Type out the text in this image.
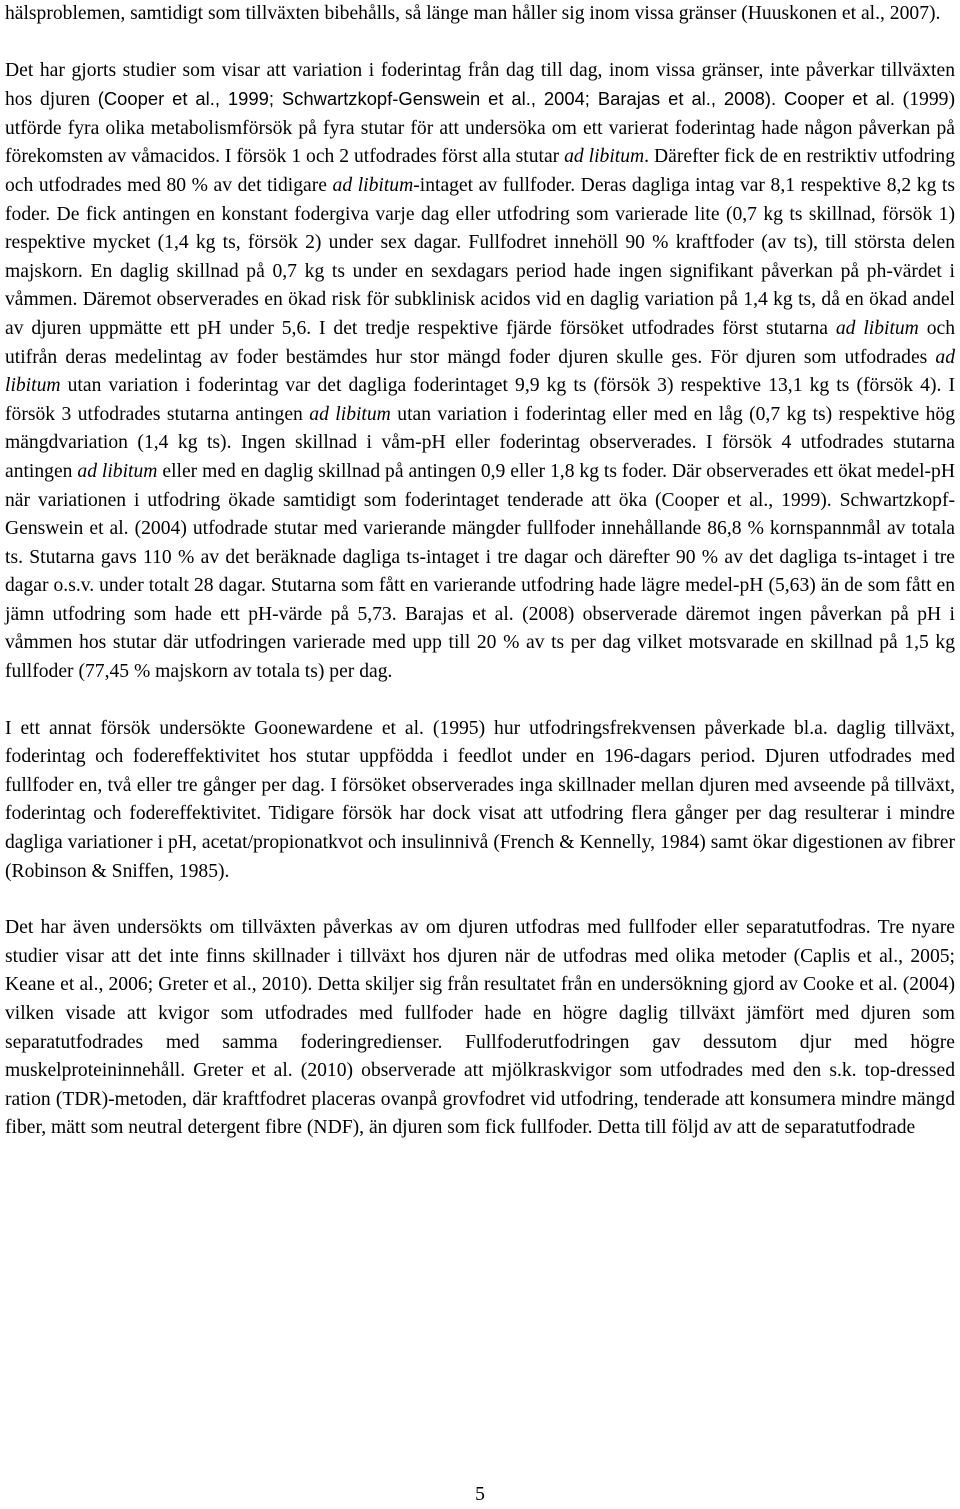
hälsproblemen, samtidigt som tillväxten bibehålls, så länge man håller sig inom vissa gränser (Huuskonen et al., 2007).

Det har gjorts studier som visar att variation i foderintag från dag till dag, inom vissa gränser, inte påverkar tillväxten hos djuren (Cooper et al., 1999; Schwartzkopf-Genswein et al., 2004; Barajas et al., 2008). Cooper et al. (1999) utförde fyra olika metabolismförsök på fyra stutar för att undersöka om ett varierat foderintag hade någon påverkan på förekomsten av våmacidos. I försök 1 och 2 utfodrades först alla stutar ad libitum. Därefter fick de en restriktiv utfodring och utfodrades med 80 % av det tidigare ad libitum-intaget av fullfoder. Deras dagliga intag var 8,1 respektive 8,2 kg ts foder. De fick antingen en konstant fodergiva varje dag eller utfodring som varierade lite (0,7 kg ts skillnad, försök 1) respektive mycket (1,4 kg ts, försök 2) under sex dagar. Fullfodret innehöll 90 % kraftfoder (av ts), till största delen majskorn. En daglig skillnad på 0,7 kg ts under en sexdagars period hade ingen signifikant påverkan på ph-värdet i våmmen. Däremot observerades en ökad risk för subklinisk acidos vid en daglig variation på 1,4 kg ts, då en ökad andel av djuren uppmätte ett pH under 5,6. I det tredje respektive fjärde försöket utfodrades först stutarna ad libitum och utifrån deras medelintag av foder bestämdes hur stor mängd foder djuren skulle ges. För djuren som utfodrades ad libitum utan variation i foderintag var det dagliga foderintaget 9,9 kg ts (försök 3) respektive 13,1 kg ts (försök 4). I försök 3 utfodrades stutarna antingen ad libitum utan variation i foderintag eller med en låg (0,7 kg ts) respektive hög mängdvariation (1,4 kg ts). Ingen skillnad i våm-pH eller foderintag observerades. I försök 4 utfodrades stutarna antingen ad libitum eller med en daglig skillnad på antingen 0,9 eller 1,8 kg ts foder. Där observerades ett ökat medel-pH när variationen i utfodring ökade samtidigt som foderintaget tenderade att öka (Cooper et al., 1999). Schwartzkopf-Genswein et al. (2004) utfodrade stutar med varierande mängder fullfoder innehållande 86,8 % kornspannmål av totala ts. Stutarna gavs 110 % av det beräknade dagliga ts-intaget i tre dagar och därefter 90 % av det dagliga ts-intaget i tre dagar o.s.v. under totalt 28 dagar. Stutarna som fått en varierande utfodring hade lägre medel-pH (5,63) än de som fått en jämn utfodring som hade ett pH-värde på 5,73. Barajas et al. (2008) observerade däremot ingen påverkan på pH i våmmen hos stutar där utfodringen varierade med upp till 20 % av ts per dag vilket motsvarade en skillnad på 1,5 kg fullfoder (77,45 % majskorn av totala ts) per dag.

I ett annat försök undersökte Goonewardene et al. (1995) hur utfodringsfrekvensen påverkade bl.a. daglig tillväxt, foderintag och fodereffektivitet hos stutar uppfödda i feedlot under en 196-dagars period. Djuren utfodrades med fullfoder en, två eller tre gånger per dag. I försöket observerades inga skillnader mellan djuren med avseende på tillväxt, foderintag och fodereffektivitet. Tidigare försök har dock visat att utfodring flera gånger per dag resulterar i mindre dagliga variationer i pH, acetat/propionatkvot och insulinnivå (French & Kennelly, 1984) samt ökar digestionen av fibrer (Robinson & Sniffen, 1985).

Det har även undersökts om tillväxten påverkas av om djuren utfodras med fullfoder eller separatutfodras. Tre nyare studier visar att det inte finns skillnader i tillväxt hos djuren när de utfodras med olika metoder (Caplis et al., 2005; Keane et al., 2006; Greter et al., 2010). Detta skiljer sig från resultatet från en undersökning gjord av Cooke et al. (2004) vilken visade att kvigor som utfodrades med fullfoder hade en högre daglig tillväxt jämfört med djuren som separatutfodrades med samma foderingredienser. Fullfoderutfodringen gav dessutom djur med högre muskelproteininnehåll. Greter et al. (2010) observerade att mjölkraskvigor som utfodrades med den s.k. top-dressed ration (TDR)-metoden, där kraftfodret placeras ovanpå grovfodret vid utfodring, tenderade att konsumera mindre mängd fiber, mätt som neutral detergent fibre (NDF), än djuren som fick fullfoder. Detta till följd av att de separatutfodrade

5
